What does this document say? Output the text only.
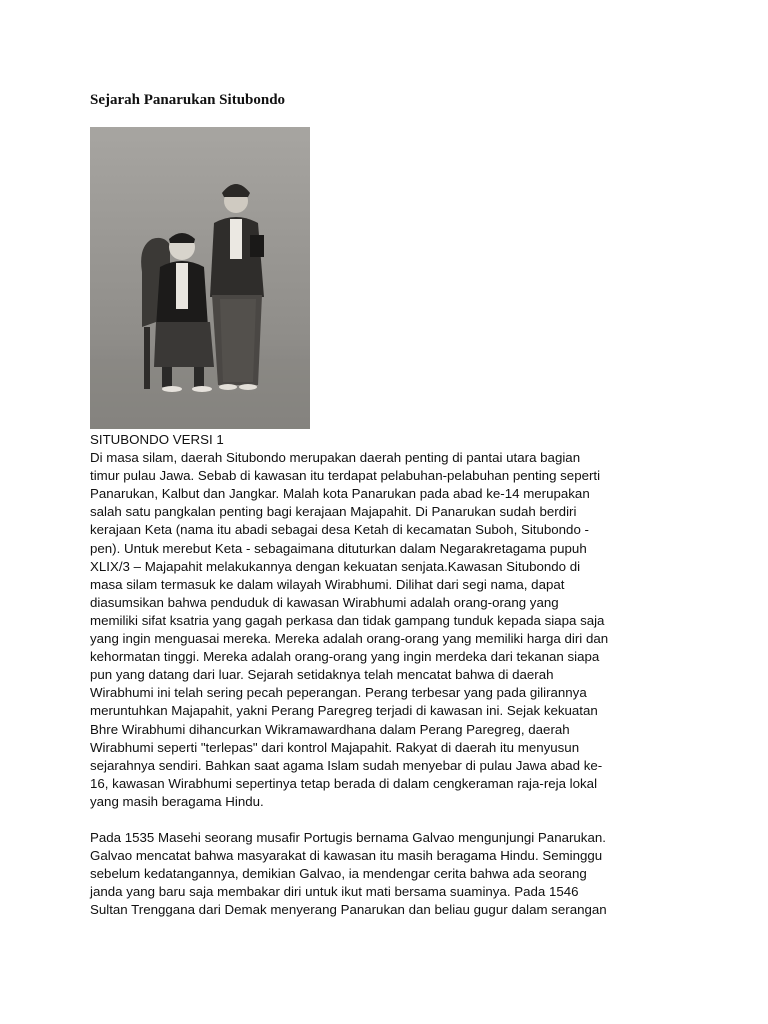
Sejarah Panarukan Situbondo
SITUBONDO VERSI 1
Di masa silam, daerah Situbondo merupakan daerah penting di pantai utara bagian
timur pulau Jawa. Sebab di kawasan itu terdapat pelabuhan-pelabuhan penting seperti
Panarukan, Kalbut dan Jangkar. Malah kota Panarukan pada abad ke-14 merupakan
salah satu pangkalan penting bagi kerajaan Majapahit. Di Panarukan sudah berdiri
kerajaan Keta (nama itu abadi sebagai desa Ketah di kecamatan Suboh, Situbondo -
pen). Untuk merebut Keta - sebagaimana dituturkan dalam Negarakretagama pupuh
XLIX/3 – Majapahit melakukannya dengan kekuatan senjata.Kawasan Situbondo di
masa silam termasuk ke dalam wilayah Wirabhumi. Dilihat dari segi nama, dapat
diasumsikan bahwa penduduk di kawasan Wirabhumi adalah orang-orang yang
memiliki sifat ksatria yang gagah perkasa dan tidak gampang tunduk kepada siapa saja
yang ingin menguasai mereka. Mereka adalah orang-orang yang memiliki harga diri dan
kehormatan tinggi. Mereka adalah orang-orang yang ingin merdeka dari tekanan siapa
pun yang datang dari luar. Sejarah setidaknya telah mencatat bahwa di daerah
Wirabhumi ini telah sering pecah peperangan. Perang terbesar yang pada gilirannya
meruntuhkan Majapahit, yakni Perang Paregreg terjadi di kawasan ini. Sejak kekuatan
Bhre Wirabhumi dihancurkan Wikramawardhana dalam Perang Paregreg, daerah
Wirabhumi seperti "terlepas" dari kontrol Majapahit. Rakyat di daerah itu menyusun
sejarahnya sendiri. Bahkan saat agama Islam sudah menyebar di pulau Jawa abad ke-
16, kawasan Wirabhumi sepertinya tetap berada di dalam cengkeraman raja-reja lokal
yang masih beragama Hindu.
Pada 1535 Masehi seorang musafir Portugis bernama Galvao mengunjungi Panarukan.
Galvao mencatat bahwa masyarakat di kawasan itu masih beragama Hindu. Seminggu
sebelum kedatangannya, demikian Galvao, ia mendengar cerita bahwa ada seorang
janda yang baru saja membakar diri untuk ikut mati bersama suaminya. Pada 1546
Sultan Trenggana dari Demak menyerang Panarukan dan beliau gugur dalam serangan
